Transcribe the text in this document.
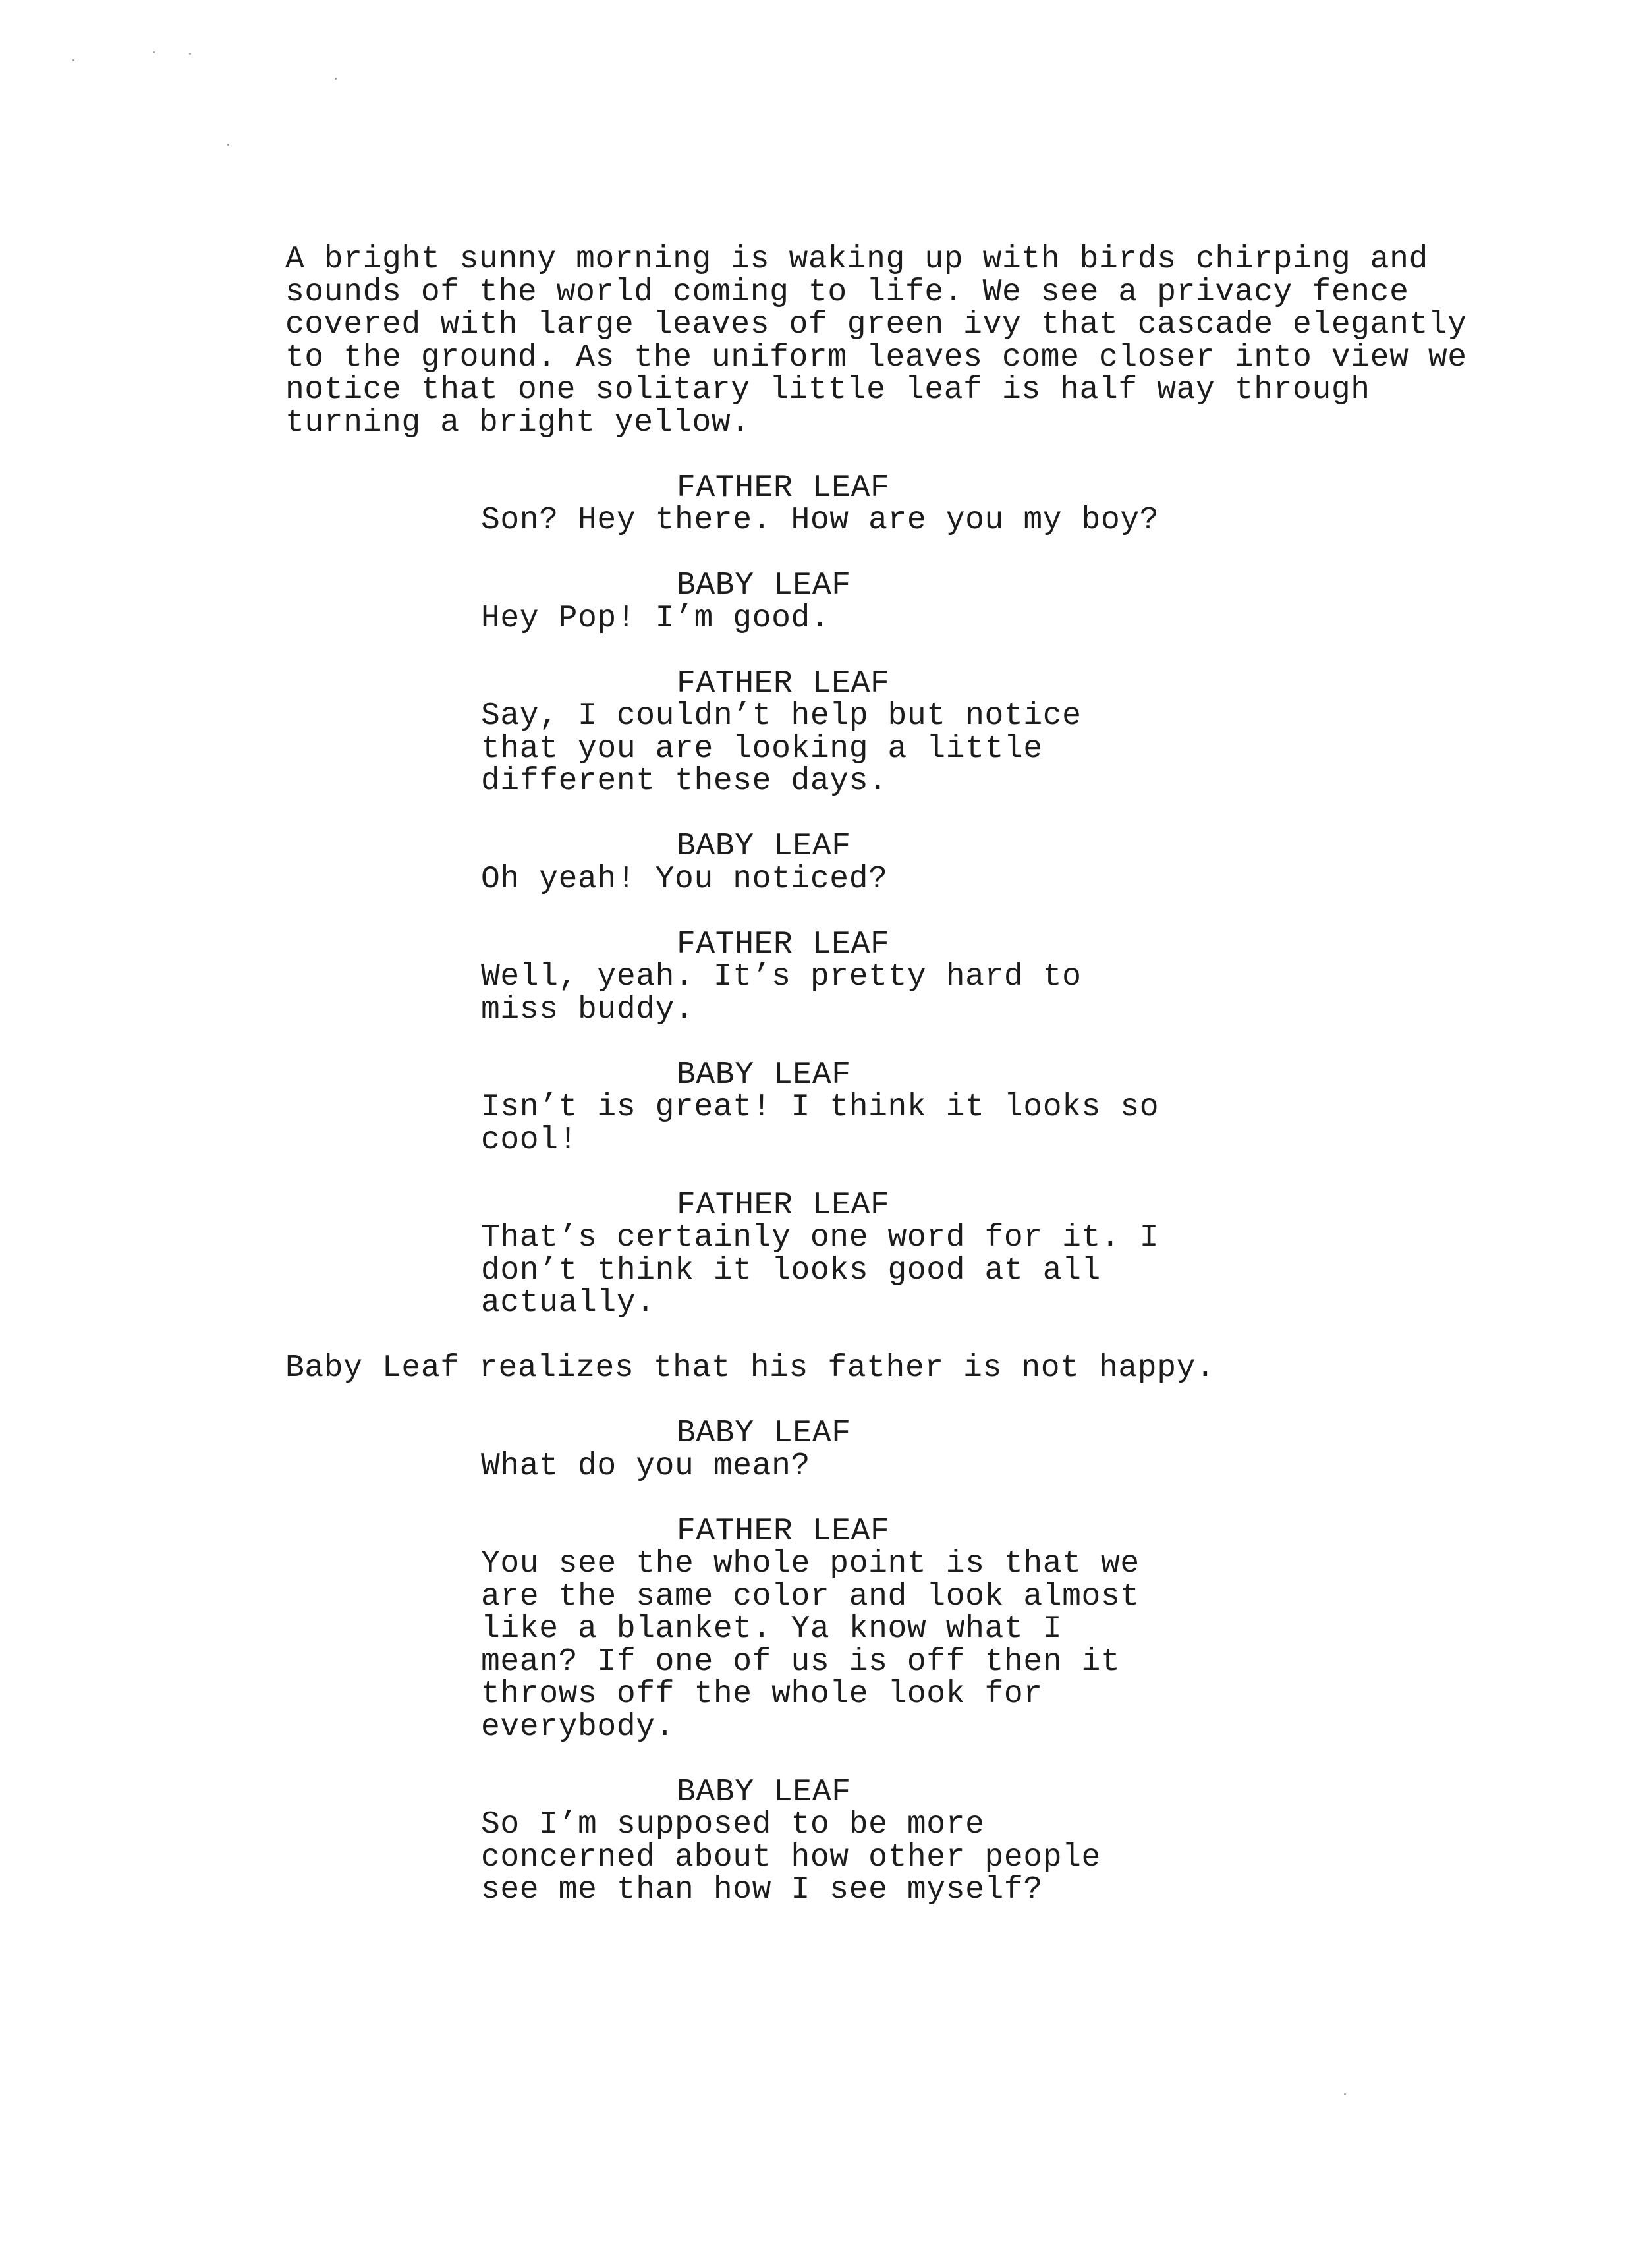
A bright sunny morning is waking up with birds chirping and
sounds of the world coming to life. We see a privacy fence
covered with large leaves of green ivy that cascade elegantly
to the ground. As the uniform leaves come closer into view we
notice that one solitary little leaf is half way through
turning a bright yellow.
FATHER LEAF
Son? Hey there. How are you my boy?
BABY LEAF
Hey Pop! I’m good.
FATHER LEAF
Say, I couldn’t help but notice
that you are looking a little
different these days.
BABY LEAF
Oh yeah! You noticed?
FATHER LEAF
Well, yeah. It’s pretty hard to
miss buddy.
BABY LEAF
Isn’t is great! I think it looks so
cool!
FATHER LEAF
That’s certainly one word for it. I
don’t think it looks good at all
actually.
Baby Leaf realizes that his father is not happy.
BABY LEAF
What do you mean?
FATHER LEAF
You see the whole point is that we
are the same color and look almost
like a blanket. Ya know what I
mean? If one of us is off then it
throws off the whole look for
everybody.
BABY LEAF
So I’m supposed to be more
concerned about how other people
see me than how I see myself?
